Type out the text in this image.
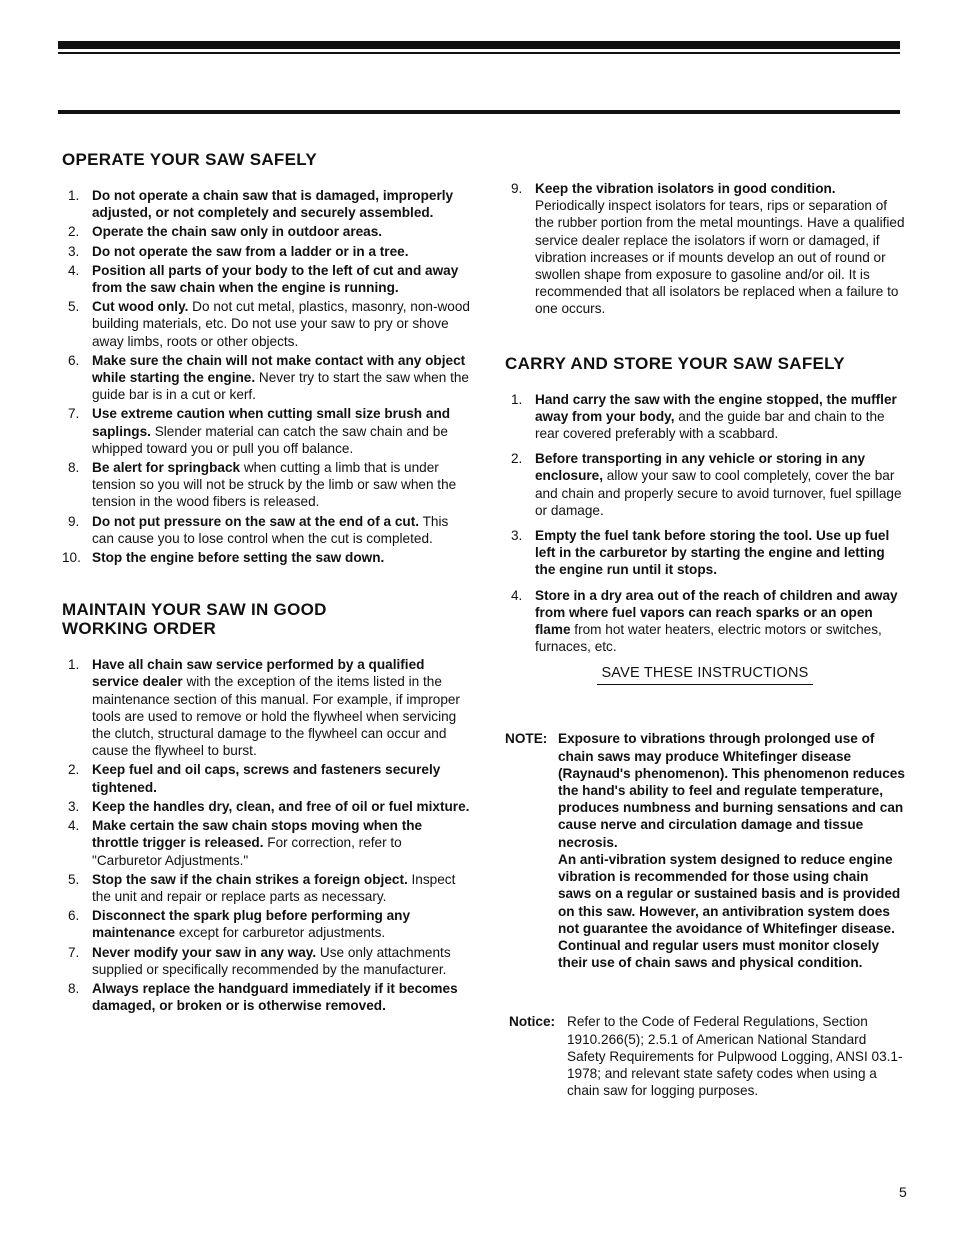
OPERATE YOUR SAW SAFELY
1. Do not operate a chain saw that is damaged, improperly adjusted, or not completely and securely assembled.
2. Operate the chain saw only in outdoor areas.
3. Do not operate the saw from a ladder or in a tree.
4. Position all parts of your body to the left of cut and away from the saw chain when the engine is running.
5. Cut wood only. Do not cut metal, plastics, masonry, non-wood building materials, etc. Do not use your saw to pry or shove away limbs, roots or other objects.
6. Make sure the chain will not make contact with any object while starting the engine. Never try to start the saw when the guide bar is in a cut or kerf.
7. Use extreme caution when cutting small size brush and saplings. Slender material can catch the saw chain and be whipped toward you or pull you off balance.
8. Be alert for springback when cutting a limb that is under tension so you will not be struck by the limb or saw when the tension in the wood fibers is released.
9. Do not put pressure on the saw at the end of a cut. This can cause you to lose control when the cut is completed.
10. Stop the engine before setting the saw down.
MAINTAIN YOUR SAW IN GOOD WORKING ORDER
1. Have all chain saw service performed by a qualified service dealer with the exception of the items listed in the maintenance section of this manual. For example, if improper tools are used to remove or hold the flywheel when servicing the clutch, structural damage to the flywheel can occur and cause the flywheel to burst.
2. Keep fuel and oil caps, screws and fasteners securely tightened.
3. Keep the handles dry, clean, and free of oil or fuel mixture.
4. Make certain the saw chain stops moving when the throttle trigger is released. For correction, refer to "Carburetor Adjustments."
5. Stop the saw if the chain strikes a foreign object. Inspect the unit and repair or replace parts as necessary.
6. Disconnect the spark plug before performing any maintenance except for carburetor adjustments.
7. Never modify your saw in any way. Use only attachments supplied or specifically recommended by the manufacturer.
8. Always replace the handguard immediately if it becomes damaged, or broken or is otherwise removed.
9. Keep the vibration isolators in good condition. Periodically inspect isolators for tears, rips or separation of the rubber portion from the metal mountings. Have a qualified service dealer replace the isolators if worn or damaged, if vibration increases or if mounts develop an out of round or swollen shape from exposure to gasoline and/or oil. It is recommended that all isolators be replaced when a failure to one occurs.
CARRY AND STORE YOUR SAW SAFELY
1. Hand carry the saw with the engine stopped, the muffler away from your body, and the guide bar and chain to the rear covered preferably with a scabbard.
2. Before transporting in any vehicle or storing in any enclosure, allow your saw to cool completely, cover the bar and chain and properly secure to avoid turnover, fuel spillage or damage.
3. Empty the fuel tank before storing the tool. Use up fuel left in the carburetor by starting the engine and letting the engine run until it stops.
4. Store in a dry area out of the reach of children and away from where fuel vapors can reach sparks or an open flame from hot water heaters, electric motors or switches, furnaces, etc.
SAVE THESE INSTRUCTIONS
NOTE: Exposure to vibrations through prolonged use of chain saws may produce Whitefinger disease (Raynaud's phenomenon). This phenomenon reduces the hand's ability to feel and regulate temperature, produces numbness and burning sensations and can cause nerve and circulation damage and tissue necrosis.

An anti-vibration system designed to reduce engine vibration is recommended for those using chain saws on a regular or sustained basis and is provided on this saw. However, an antivibration system does not guarantee the avoidance of Whitefinger disease. Continual and regular users must monitor closely their use of chain saws and physical condition.

Notice: Refer to the Code of Federal Regulations, Section 1910.266(5); 2.5.1 of American National Standard Safety Requirements for Pulpwood Logging, ANSI 03.1-1978; and relevant state safety codes when using a chain saw for logging purposes.
5
